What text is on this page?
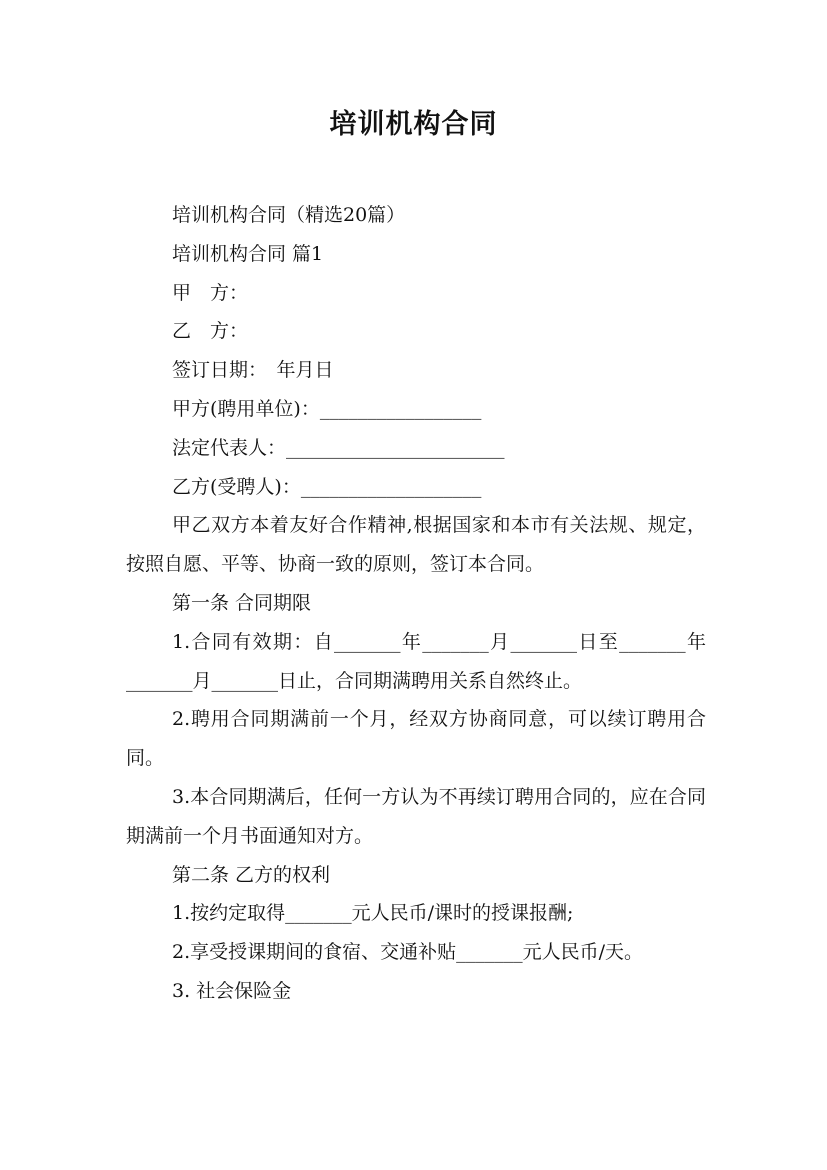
培训机构合同

培训机构合同（精选20篇）

培训机构合同 篇1

甲　方：

乙　方：

签订日期：　年月日

甲方(聘用单位)：_________________

法定代表人：_______________________

乙方(受聘人)：___________________

甲乙双方本着友好合作精神,根据国家和本市有关法规、规定，按照自愿、平等、协商一致的原则，签订本合同。

第一条 合同期限

1.合同有效期：自_______年_______月_______日至_______年_______月_______日止，合同期满聘用关系自然终止。

2.聘用合同期满前一个月，经双方协商同意，可以续订聘用合同。

3.本合同期满后，任何一方认为不再续订聘用合同的，应在合同期满前一个月书面通知对方。

第二条 乙方的权利

1.按约定取得_______元人民币/课时的授课报酬;

2.享受授课期间的食宿、交通补贴_______元人民币/天。

3. 社会保险金
